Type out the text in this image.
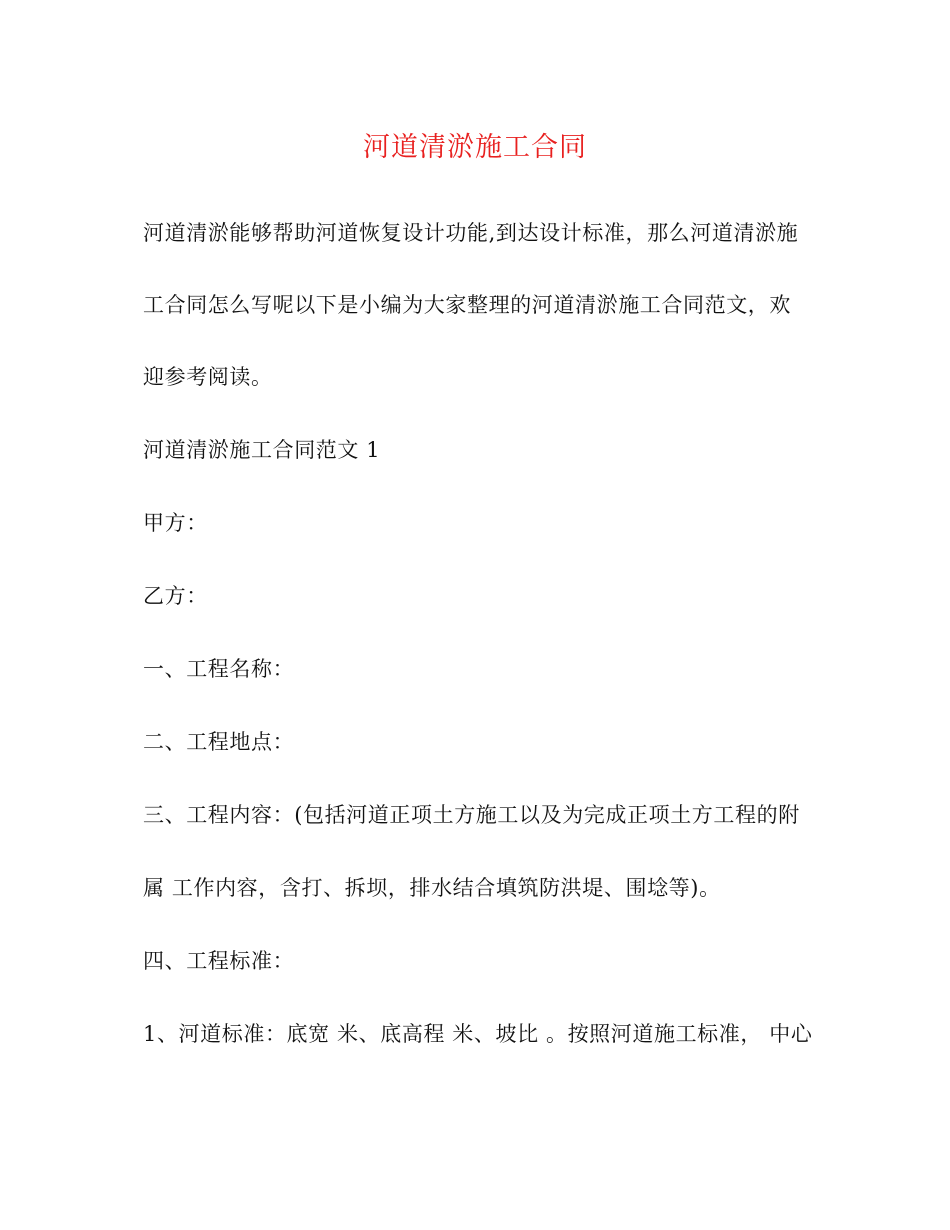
河道清淤施工合同
河道清淤能够帮助河道恢复设计功能,到达设计标准，那么河道清淤施
工合同怎么写呢以下是小编为大家整理的河道清淤施工合同范文，欢
迎参考阅读。
河道清淤施工合同范文 1
甲方：
乙方：
一、工程名称：
二、工程地点：
三、工程内容：(包括河道正项土方施工以及为完成正项土方工程的附
属 工作内容，含打、拆坝，排水结合填筑防洪堤、围埝等)。
四、工程标准：
1、河道标准：底宽 米、底高程 米、坡比 。按照河道施工标准， 中心
